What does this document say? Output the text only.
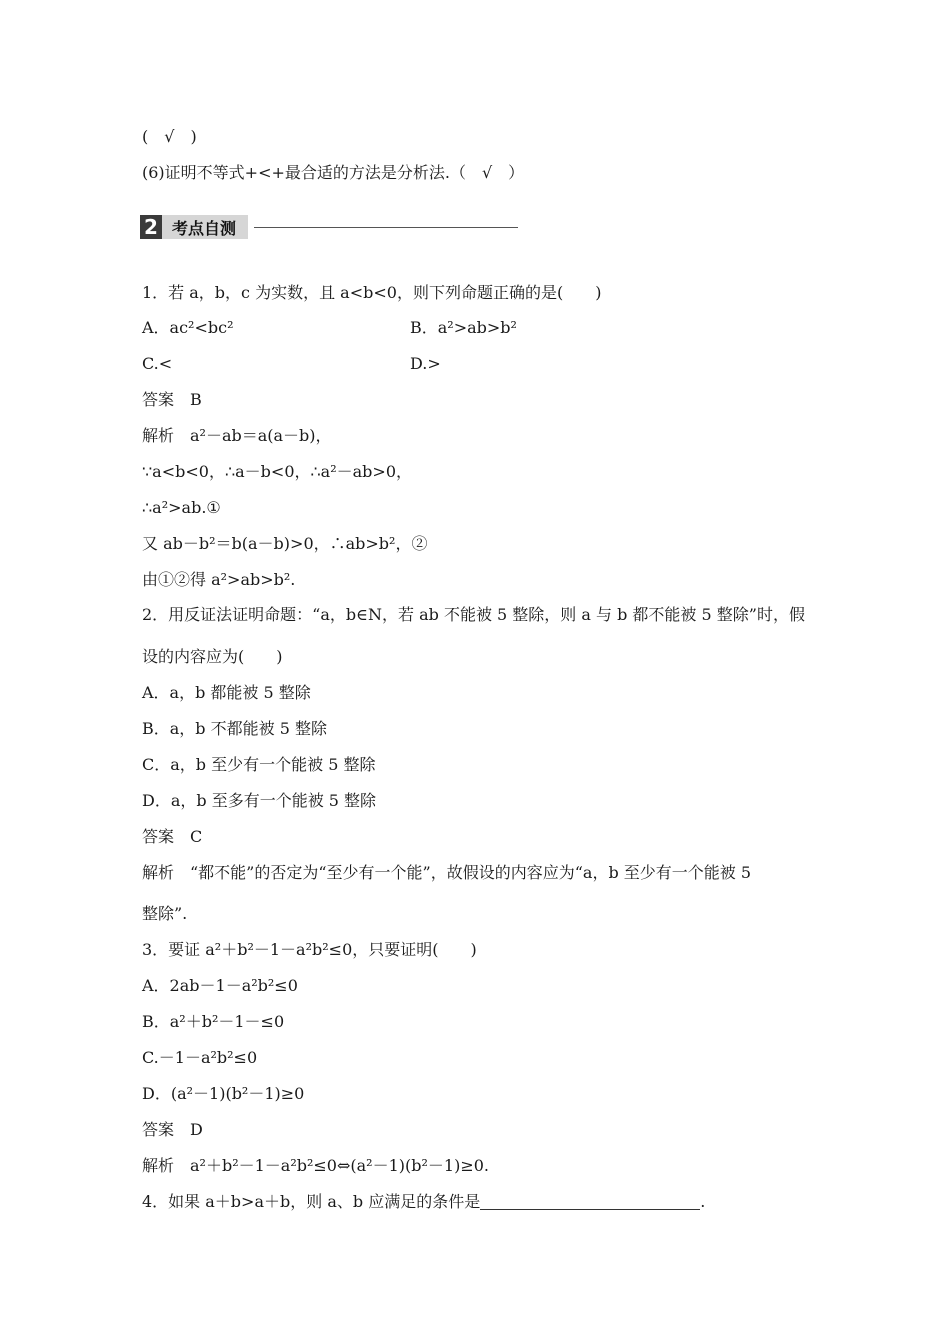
(　√　)
(6)证明不等式+<+最合适的方法是分析法.（　√　）
2 考点自测
1．若 a，b，c 为实数，且 a<b<0，则下列命题正确的是(　　)
A．ac²<bc²	B．a²>ab>b²
C.<	D.>
答案　B
解析　a²－ab＝a(a－b)，
∵a<b<0，∴a－b<0，∴a²－ab>0，
∴a²>ab.①
又 ab－b²＝b(a－b)>0，∴ab>b²，②
由①②得 a²>ab>b².
2．用反证法证明命题：“a，b∈N，若 ab 不能被 5 整除，则 a 与 b 都不能被 5 整除”时，假
设的内容应为(　　)
A．a，b 都能被 5 整除
B．a，b 不都能被 5 整除
C．a，b 至少有一个能被 5 整除
D．a，b 至多有一个能被 5 整除
答案　C
解析　“都不能”的否定为“至少有一个能”，故假设的内容应为“a，b 至少有一个能被 5
整除”.
3．要证 a²＋b²－1－a²b²≤0，只要证明(　　)
A．2ab－1－a²b²≤0
B．a²＋b²－1－≤0
C.－1－a²b²≤0
D．(a²－1)(b²－1)≥0
答案　D
解析　a²＋b²－1－a²b²≤0⇔(a²－1)(b²－1)≥0.
4．如果 a＋b>a＋b，则 a、b 应满足的条件是	.
